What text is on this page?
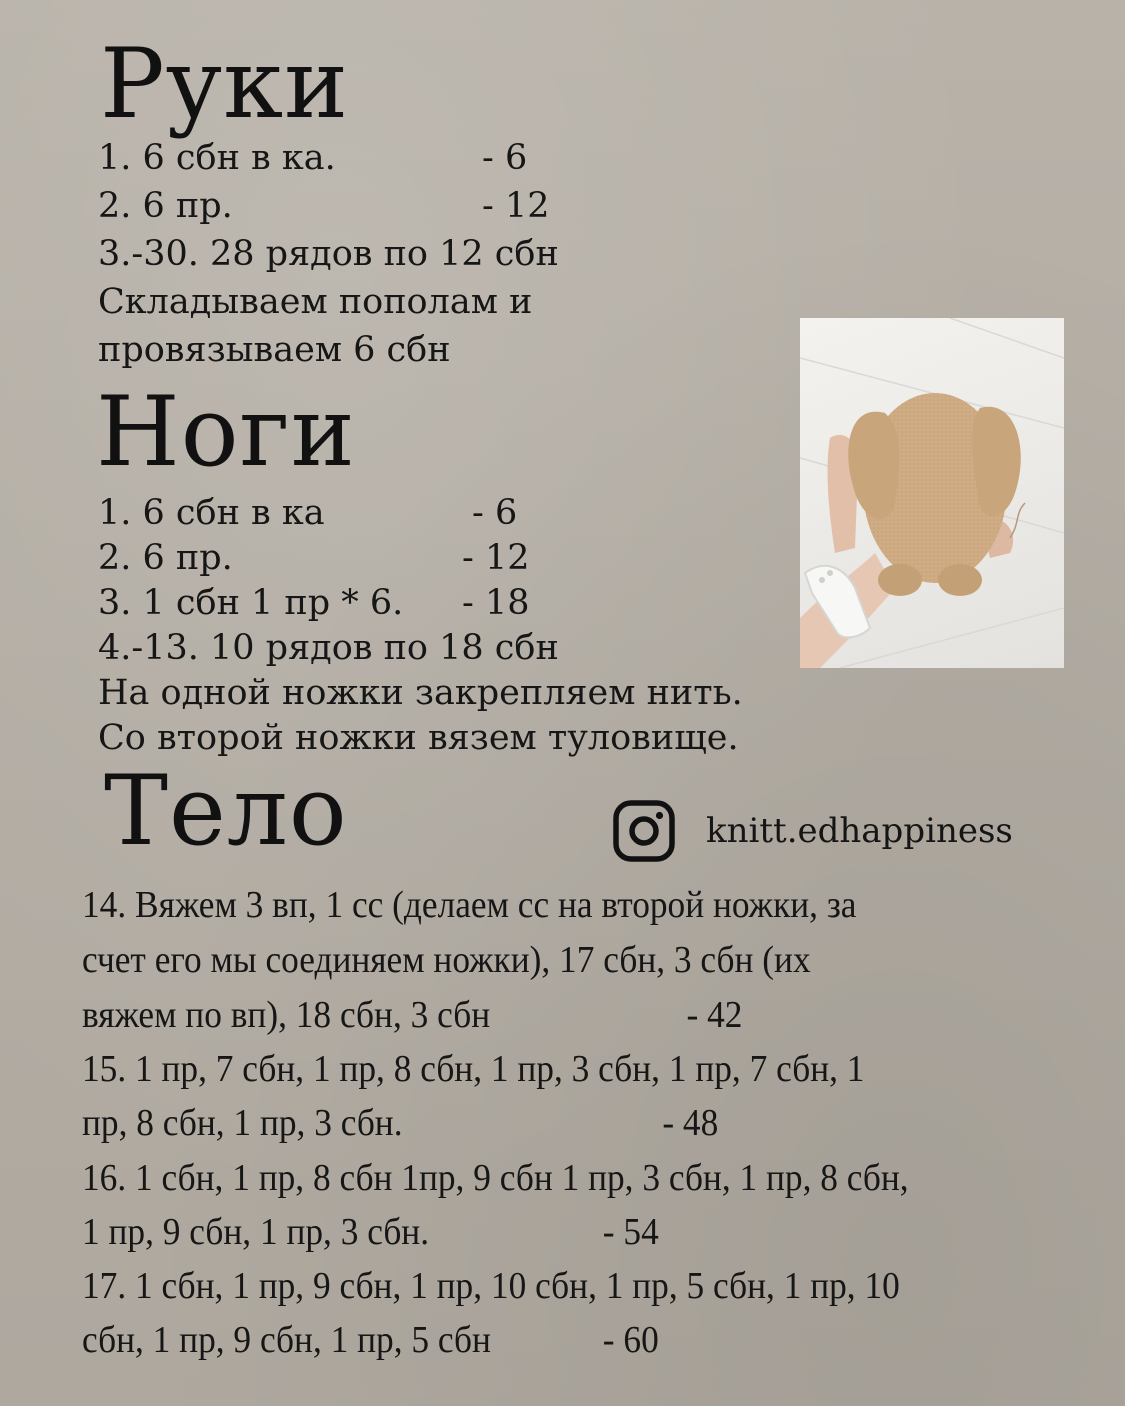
Руки
1. 6 сбн в ка.	- 6
2. 6 пр.	- 12

3.-30. 28 рядов по 12 сбн

Складываем пополам и

провязываем 6 сбн

Ноги
1. 6 сбн в ка	- 6
2. 6 пр.	- 12
3. 1 сбн 1 пр * 6. - 18

4.-13. 10 рядов по 18 сбн

На одной ножки закрепляем нить.

Со второй ножки вязем туловище.

Тело	knitt.edhappiness

14. Вяжем 3 вп, 1 сс (делаем сс на второй ножки, за

счет его мы соединяем ножки), 17 сбн, 3 сбн (их

вяжем по вп), 18 сбн, 3 сбн	- 42

15. 1 пр, 7 сбн, 1 пр, 8 сбн, 1 пр, 3 сбн, 1 пр, 7 сбн, 1

пр, 8 сбн, 1 пр, 3 сбн.	- 48

16. 1 сбн, 1 пр, 8 сбн 1пр, 9 сбн 1 пр, 3 сбн, 1 пр, 8 сбн,

1 пр, 9 сбн, 1 пр, 3 сбн.	- 54

17. 1 сбн, 1 пр, 9 сбн, 1 пр, 10 сбн, 1 пр, 5 сбн, 1 пр, 10

сбн, 1 пр, 9 сбн, 1 пр, 5 сбн	- 60
